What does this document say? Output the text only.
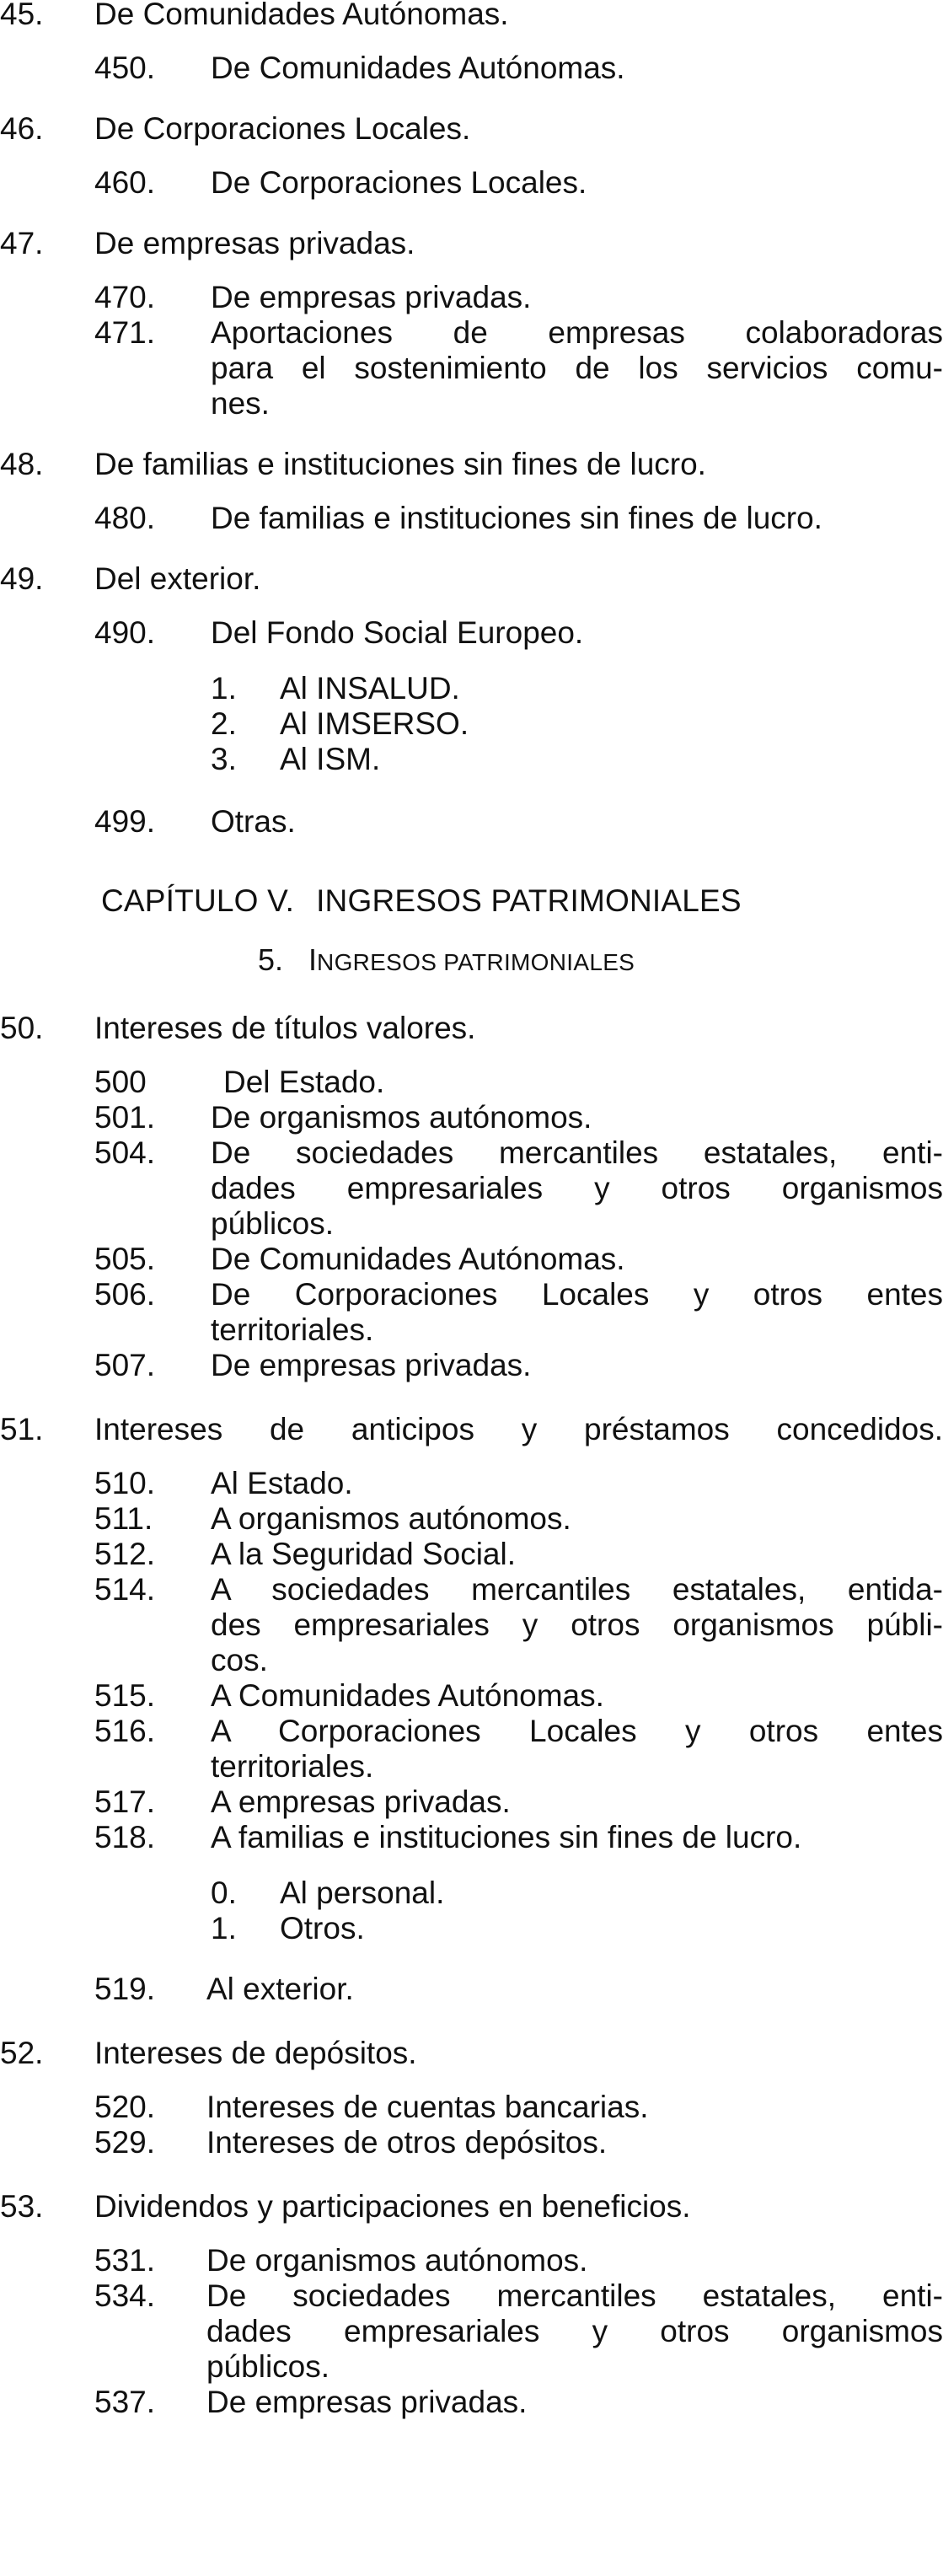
45. De Comunidades Autónomas.
450. De Comunidades Autónomas.
46. De Corporaciones Locales.
460. De Corporaciones Locales.
47. De empresas privadas.
470. De empresas privadas.
471. Aportaciones de empresas colaboradoras
para el sostenimiento de los servicios comu-
nes.
48. De familias e instituciones sin fines de lucro.
480. De familias e instituciones sin fines de lucro.
49. Del exterior.
490. Del Fondo Social Europeo.
1. Al INSALUD.
2. Al IMSERSO.
3. Al ISM.
499. Otras.
CAPÍTULO V. INGRESOS PATRIMONIALES
5. INGRESOS PATRIMONIALES
50. Intereses de títulos valores.
500 Del Estado.
501. De organismos autónomos.
504. De sociedades mercantiles estatales, enti-
dades empresariales y otros organismos
públicos.
505. De Comunidades Autónomas.
506. De Corporaciones Locales y otros entes
territoriales.
507. De empresas privadas.
51. Intereses de anticipos y préstamos concedidos.
510. Al Estado.
511. A organismos autónomos.
512. A la Seguridad Social.
514. A sociedades mercantiles estatales, entida-
des empresariales y otros organismos públi-
cos.
515. A Comunidades Autónomas.
516. A Corporaciones Locales y otros entes
territoriales.
517. A empresas privadas.
518. A familias e instituciones sin fines de lucro.
0. Al personal.
1. Otros.
519. Al exterior.
52. Intereses de depósitos.
520. Intereses de cuentas bancarias.
529. Intereses de otros depósitos.
53. Dividendos y participaciones en beneficios.
531. De organismos autónomos.
534. De sociedades mercantiles estatales, enti-
dades empresariales y otros organismos
públicos.
537. De empresas privadas.
